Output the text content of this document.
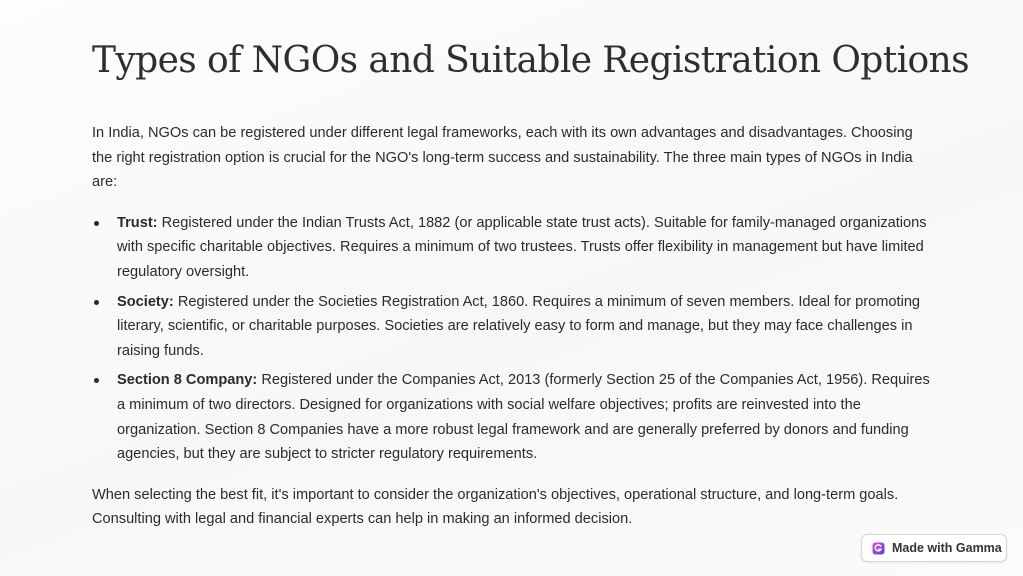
Types of NGOs and Suitable Registration Options

In India, NGOs can be registered under different legal frameworks, each with its own advantages and disadvantages. Choosing the right registration option is crucial for the NGO's long-term success and sustainability. The three main types of NGOs in India are:

Trust: Registered under the Indian Trusts Act, 1882 (or applicable state trust acts). Suitable for family-managed organizations with specific charitable objectives. Requires a minimum of two trustees. Trusts offer flexibility in management but have limited regulatory oversight.
Society: Registered under the Societies Registration Act, 1860. Requires a minimum of seven members. Ideal for promoting literary, scientific, or charitable purposes. Societies are relatively easy to form and manage, but they may face challenges in raising funds.
Section 8 Company: Registered under the Companies Act, 2013 (formerly Section 25 of the Companies Act, 1956). Requires a minimum of two directors. Designed for organizations with social welfare objectives; profits are reinvested into the organization. Section 8 Companies have a more robust legal framework and are generally preferred by donors and funding agencies, but they are subject to stricter regulatory requirements.

When selecting the best fit, it's important to consider the organization's objectives, operational structure, and long-term goals. Consulting with legal and financial experts can help in making an informed decision.

Made with Gamma
